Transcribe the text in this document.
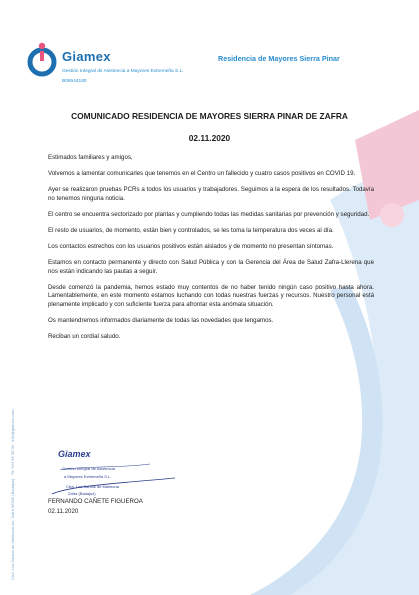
Giamex	Residencia de Mayores Sierra Pinar
Gestión Integral de Asistencia a Mayores Extremeña S.L.
B06544180
COMUNICADO RESIDENCIA DE MAYORES SIERRA PINAR DE ZAFRA
02.11.2020

Estimados familiares y amigos,

Volvemos a lamentar comunicarles que tenemos en el Centro un fallecido y cuatro casos positivos en COVID 19.

Ayer se realizaron pruebas PCRs a todos los usuarios y trabajadores. Seguimos a la espera de los resultados. Todavía no tenemos ninguna noticia.

El centro se encuentra sectorizado por plantas y cumpliendo todas las medidas sanitarias por prevención y seguridad.

El resto de usuarios, de momento, están bien y controlados, se les toma la temperatura dos veces al día.

Los contactos estrechos con los usuarios positivos están aislados y de momento no presentan síntomas.

Estamos en contacto permanente y directo con Salud Pública y con la Gerencia del Área de Salud Zafra-Llerena que nos están indicando las pautas a seguir.

Desde comenzó la pandemia, hemos estado muy contentos de no haber tenido ningún caso positivo hasta ahora. Lamentablemente, en este momento estamos luchando con todas nuestras fuerzas y recursos. Nuestro personal está plenamente implicado y con suficiente fuerza para afrontar esta anómala situación.

Os mantendremos informados diariamente de todas las novedades que tengamos.

Reciban un cordial saludo.

Ctra. Los Santos de Maimona s/n, Zafra 06300 (Badajoz) · Tlf: 924 55 30 00 · info@giamex.com	Giamex
Gestión Integral de Asistencia
a Mayores Extremeña S.L.
Ctra. Los Santos de Maimona
Zafra (Badajoz)
FERNANDO CAÑETE FIGUEROA
02.11.2020
